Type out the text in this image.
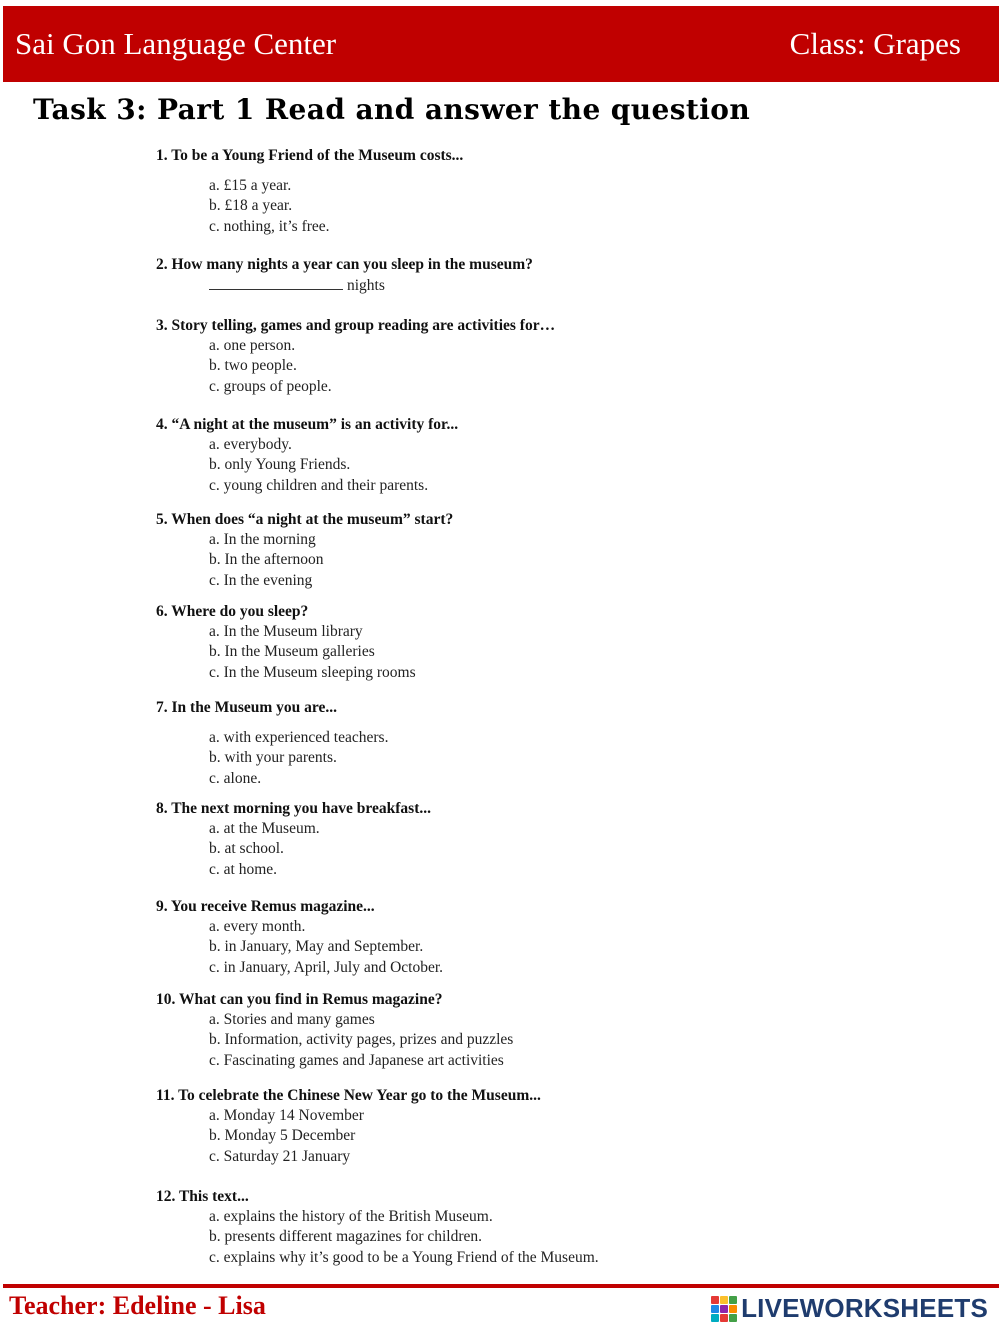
Sai Gon Language Center	Class: Grapes
Task 3: Part 1 Read and answer the question
1. To be a Young Friend of the Museum costs...
a. £15 a year.
b. £18 a year.
c. nothing, it’s free.
2. How many nights a year can you sleep in the museum?
nights
3. Story telling, games and group reading are activities for…
a. one person.
b. two people.
c. groups of people.
4. “A night at the museum” is an activity for...
a. everybody.
b. only Young Friends.
c. young children and their parents.
5. When does “a night at the museum” start?
a. In the morning
b. In the afternoon
c. In the evening
6. Where do you sleep?
a. In the Museum library
b. In the Museum galleries
c. In the Museum sleeping rooms
7. In the Museum you are...
a. with experienced teachers.
b. with your parents.
c. alone.
8. The next morning you have breakfast...
a. at the Museum.
b. at school.
c. at home.
9. You receive Remus magazine...
a. every month.
b. in January, May and September.
c. in January, April, July and October.
10. What can you find in Remus magazine?
a. Stories and many games
b. Information, activity pages, prizes and puzzles
c. Fascinating games and Japanese art activities
11. To celebrate the Chinese New Year go to the Museum...
a. Monday 14 November
b. Monday 5 December
c. Saturday 21 January
12. This text...
a. explains the history of the British Museum.
b. presents different magazines for children.
c. explains why it’s good to be a Young Friend of the Museum.
Teacher: Edeline - Lisa	LIVEWORKSHEETS
